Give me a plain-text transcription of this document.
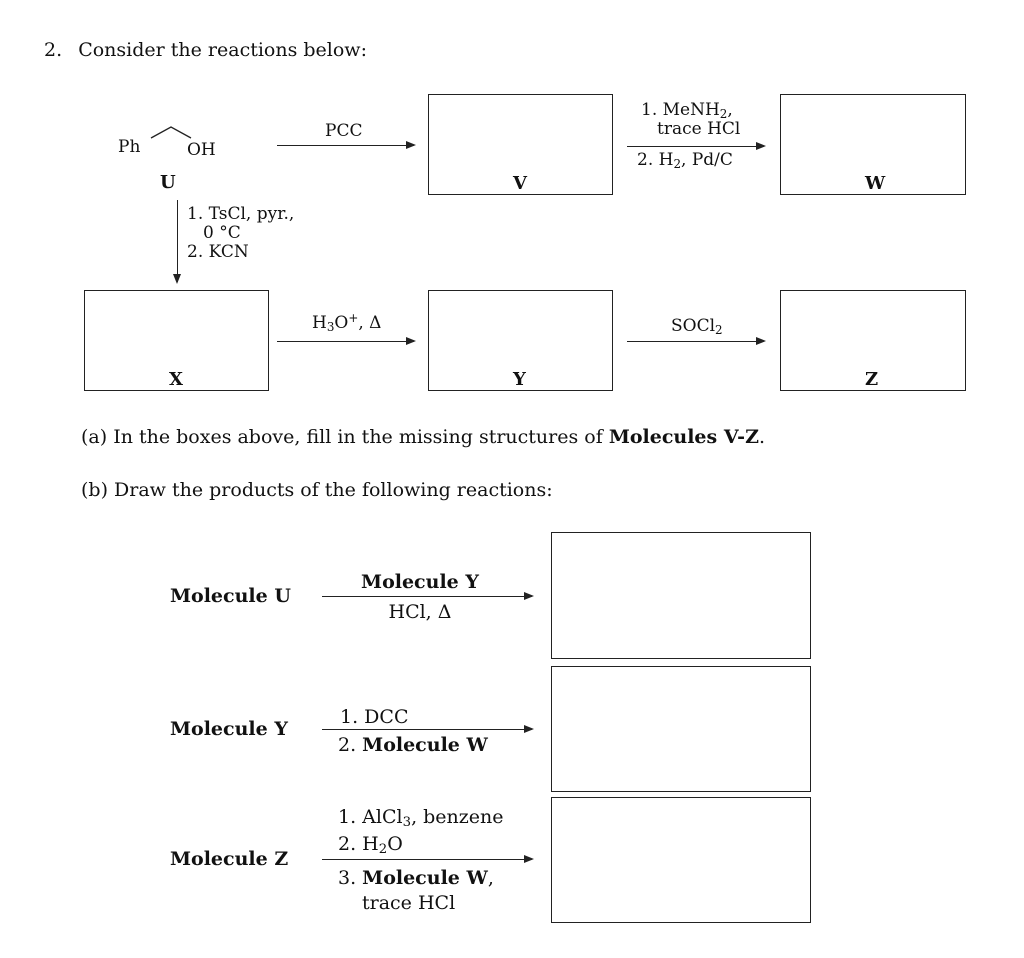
2. Consider the reactions below:
Ph	OH
U
PCC
V
1. MeNH$_2$,
trace HCl
2. $H_2$, Pd/C
W
1. TsCl, pyr.,
0 °C
2. KCN
X
$H_3O^+$, Δ
Y
SOCl$_2$
Z
(a) In the boxes above, fill in the missing structures of Molecules V-Z.
(b) Draw the products of the following reactions:
Molecule U
Molecule Y
HCl, Δ
Molecule Y
1. DCC
2. Molecule W
Molecule Z
1. AlCl$_3$, benzene
2. $H_2O$
3. Molecule W,
trace HCl
